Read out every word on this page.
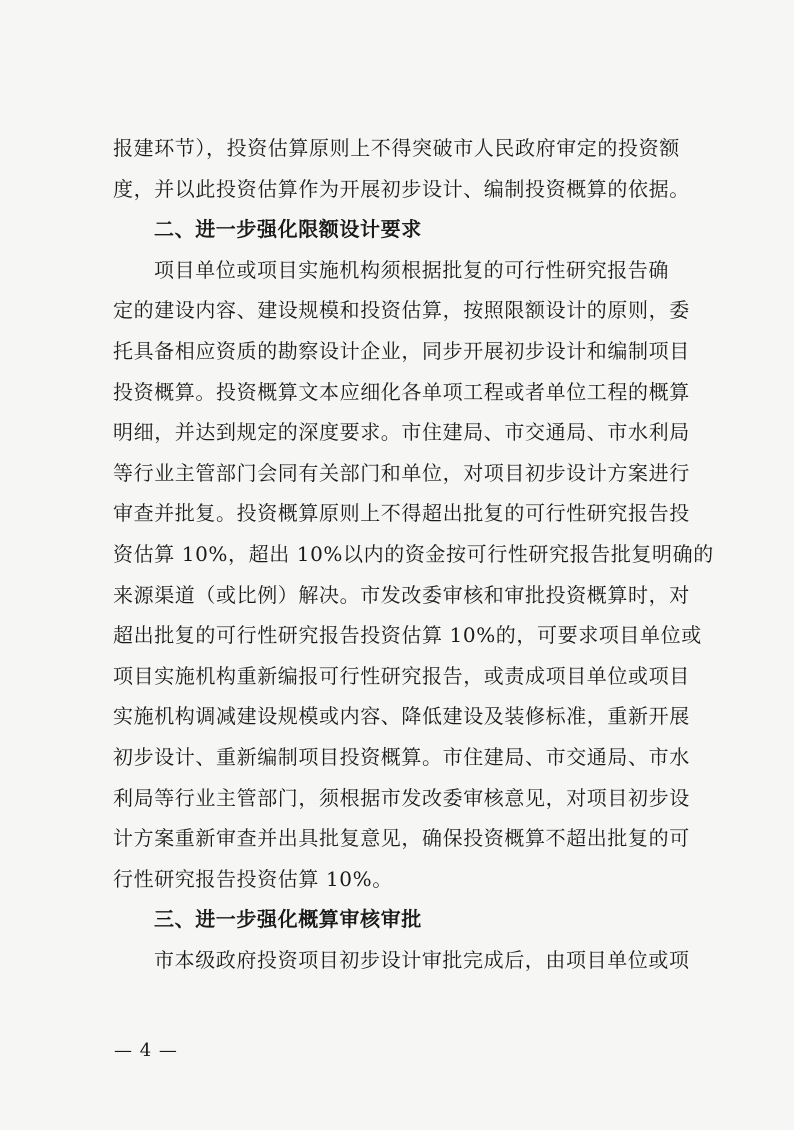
报建环节），投资估算原则上不得突破市人民政府审定的投资额
度，并以此投资估算作为开展初步设计、编制投资概算的依据。
二、进一步强化限额设计要求
项目单位或项目实施机构须根据批复的可行性研究报告确
定的建设内容、建设规模和投资估算，按照限额设计的原则，委
托具备相应资质的勘察设计企业，同步开展初步设计和编制项目
投资概算。投资概算文本应细化各单项工程或者单位工程的概算
明细，并达到规定的深度要求。市住建局、市交通局、市水利局
等行业主管部门会同有关部门和单位，对项目初步设计方案进行
审查并批复。投资概算原则上不得超出批复的可行性研究报告投
资估算 10%，超出 10%以内的资金按可行性研究报告批复明确的
来源渠道（或比例）解决。市发改委审核和审批投资概算时，对
超出批复的可行性研究报告投资估算 10%的，可要求项目单位或
项目实施机构重新编报可行性研究报告，或责成项目单位或项目
实施机构调减建设规模或内容、降低建设及装修标准，重新开展
初步设计、重新编制项目投资概算。市住建局、市交通局、市水
利局等行业主管部门，须根据市发改委审核意见，对项目初步设
计方案重新审查并出具批复意见，确保投资概算不超出批复的可
行性研究报告投资估算 10%。
三、进一步强化概算审核审批
市本级政府投资项目初步设计审批完成后，由项目单位或项
— 4 —
